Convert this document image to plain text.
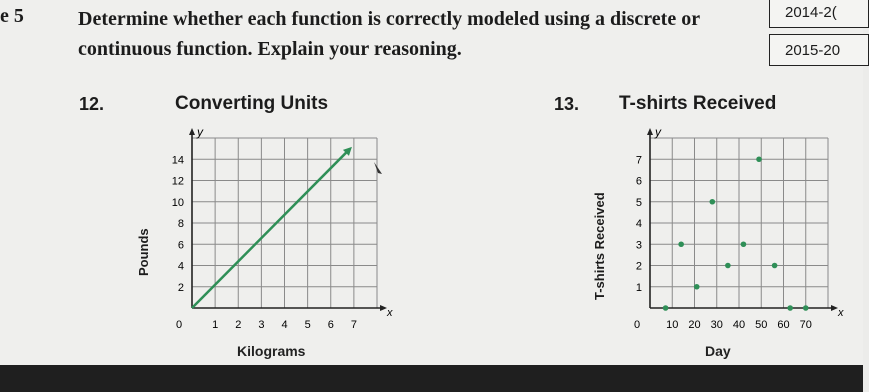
e 5	Determine whether each function is correctly modeled using a discrete or continuous function. Explain your reasoning.
2014-2(
2015-20
12.	Converting Units
Pounds
Kilograms
x
y
0	1 2 3 4 5 6 7
2
4
6
8
10
12
14
13. T-shirts Received
T-shirts Received
Day
x
y
0 10 20 30 40 50 60 70
1
2
3
4
5
6
7
